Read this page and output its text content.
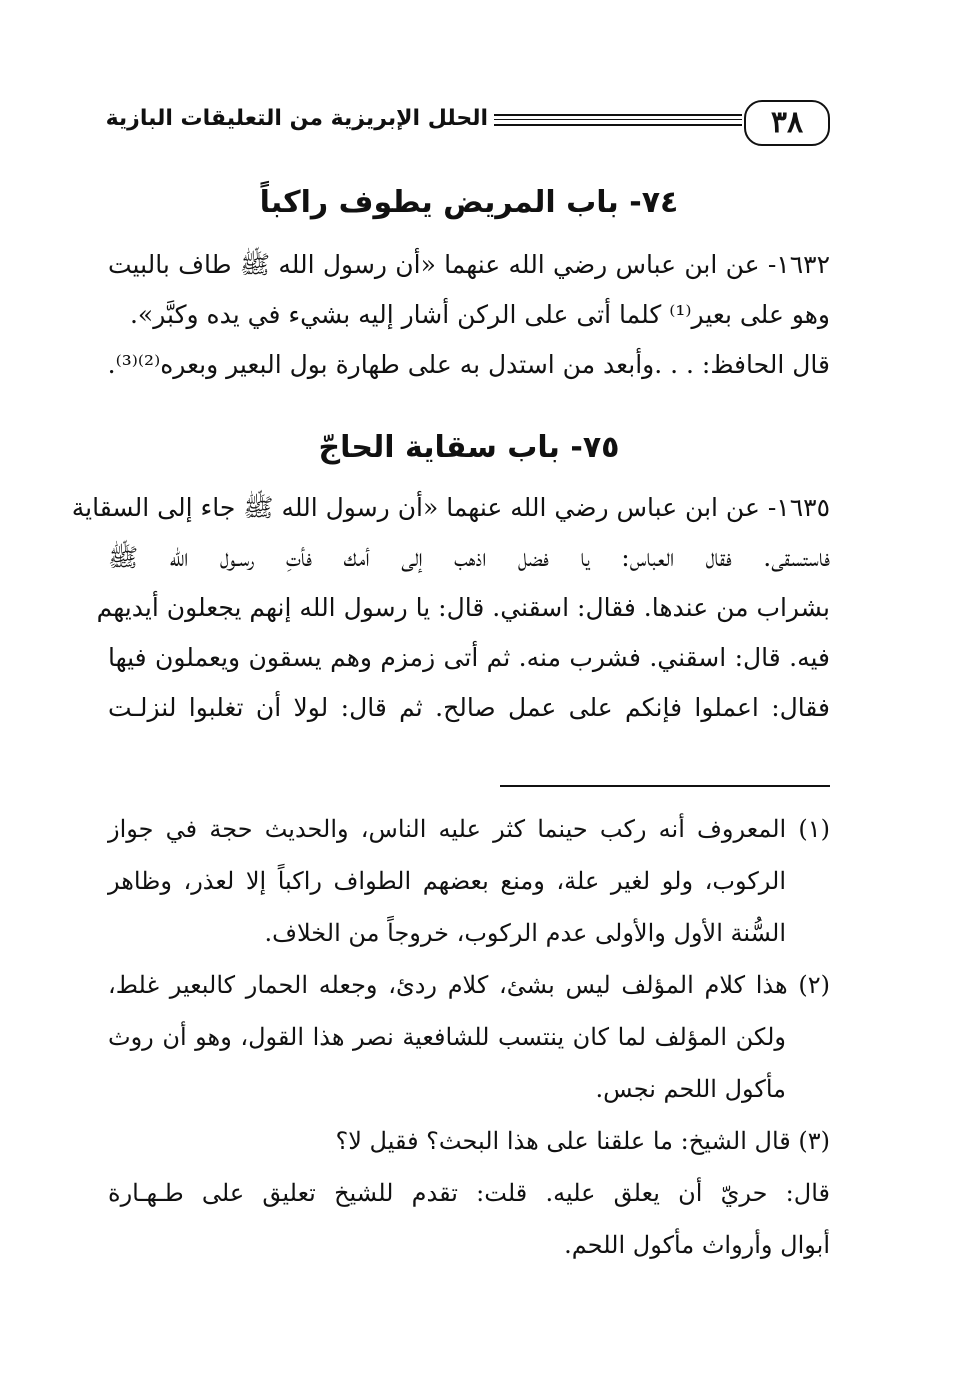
٣٨
الحلل الإبريزية من التعليقات البازية
٧٤- باب المريض يطوف راكباً

١٦٣٢- عن ابن عباس رضي الله عنهما «أن رسول الله ﷺ طاف بالبيت
وهو على بعير⁽¹⁾ كلما أتى على الركن أشار إليه بشيء في يده وكبَّر».
قال الحافظ: . . .وأبعد من استدل به على طهارة بول البعير وبعره⁽²⁾⁽³⁾.

٧٥- باب سقاية الحاجّ

١٦٣٥- عن ابن عباس رضي الله عنهما «أن رسول الله ﷺ جاء إلى السقاية
فاستسقى. فقال العباس: يا فضل اذهب إلى أمك فأتِ رسـول الله ﷺ
بشراب من عندها. فقال: اسقني. قال: يا رسول الله إنهم يجعلون أيديهم
فيه. قال: اسقني. فشرب منه. ثم أتى زمزم وهم يسقون ويعملون فيها
فقال: اعملوا فإنكم على عمل صالح. ثم قال: لولا أن تغلبوا لنزلـت

(١) المعروف أنه ركب حينما كثر عليه الناس، والحديث حجة في جواز
الركوب، ولو لغير علة، ومنع بعضهم الطواف راكباً إلا لعذر، وظاهر
السُّنة الأول والأولى عدم الركوب، خروجاً من الخلاف.

(٢) هذا كلام المؤلف ليس بشئ، كلام ردئ، وجعله الحمار كالبعير غلط،
ولكن المؤلف لما كان ينتسب للشافعية نصر هذا القول، وهو أن روث
مأكول اللحم نجس.

(٣) قال الشيخ: ما علقنا على هذا البحث؟ فقيل لا؟
قال: حريّ أن يعلق عليه. قلت: تقدم للشيخ تعليق على طـهـارة
أبوال وأرواث مأكول اللحم.
